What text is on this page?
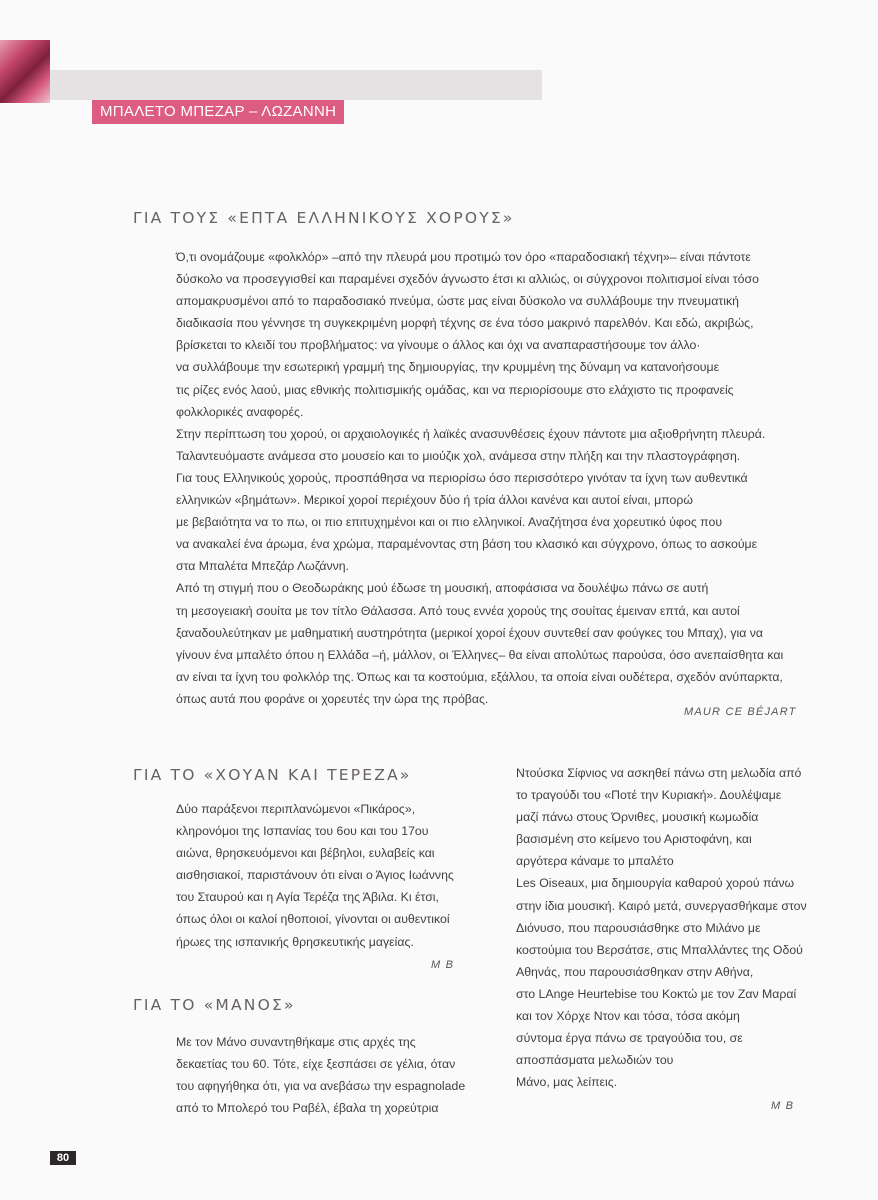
ΜΠΑΛΕΤΟ ΜΠΕΖΑΡ – ΛΩΖΑΝΝΗ
ΓΙΑ ΤΟΥΣ «ΕΠΤΑ ΕΛΛΗΝΙΚΟΥΣ ΧΟΡΟΥΣ»

Ό,τι ονομάζουμε «φολκλόρ» –από την πλευρά μου προτιμώ τον όρο «παραδοσιακή τέχνη»– είναι πάντοτε

δύσκολο να προσεγγισθεί και παραμένει σχεδόν άγνωστο έτσι κι αλλιώς, οι σύγχρονοι πολιτισμοί είναι τόσο

απομακρυσμένοι από το παραδοσιακό πνεύμα, ώστε μας είναι δύσκολο να συλλάβουμε την πνευματική

διαδικασία που γέννησε τη συγκεκριμένη μορφή τέχνης σε ένα τόσο μακρινό παρελθόν. Και εδώ, ακριβώς,

βρίσκεται το κλειδί του προβλήματος: να γίνουμε ο άλλος και όχι να αναπαραστήσουμε τον άλλο·

να συλλάβουμε την εσωτερική γραμμή της δημιουργίας, την κρυμμένη της δύναμη να κατανοήσουμε

τις ρίζες ενός λαού, μιας εθνικής πολιτισμικής ομάδας, και να περιορίσουμε στο ελάχιστο τις προφανείς

φολκλορικές αναφορές.

Στην περίπτωση του χορού, οι αρχαιολογικές ή λαϊκές ανασυνθέσεις έχουν πάντοτε μια αξιοθρήνητη πλευρά.

Ταλαντευόμαστε ανάμεσα στο μουσείο και το μιούζικ χολ, ανάμεσα στην πλήξη και την πλαστογράφηση.

Για τους Ελληνικούς χορούς, προσπάθησα να περιορίσω όσο περισσότερο γινόταν τα ίχνη των αυθεντικά

ελληνικών «βημάτων». Μερικοί χοροί περιέχουν δύο ή τρία άλλοι κανένα και αυτοί είναι, μπορώ

με βεβαιότητα να το πω, οι πιο επιτυχημένοι και οι πιο ελληνικοί. Αναζήτησα ένα χορευτικό ύφος που

να ανακαλεί ένα άρωμα, ένα χρώμα, παραμένοντας στη βάση του κλασικό και σύγχρονο, όπως το ασκούμε

στα Μπαλέτα Μπεζάρ Λωζάννη.

Από τη στιγμή που ο Θεοδωράκης μού έδωσε τη μουσική, αποφάσισα να δουλέψω πάνω σε αυτή

τη μεσογειακή σουίτα με τον τίτλο Θάλασσα. Από τους εννέα χορούς της σουίτας έμειναν επτά, και αυτοί

ξαναδουλεύτηκαν με μαθηματική αυστηρότητα (μερικοί χοροί έχουν συντεθεί σαν φούγκες του Μπαχ), για να

γίνουν ένα μπαλέτο όπου η Ελλάδα –ή, μάλλον, οι Έλληνες– θα είναι απολύτως παρούσα, όσο ανεπαίσθητα και

αν είναι τα ίχνη του φολκλόρ της. Όπως και τα κοστούμια, εξάλλου, τα οποία είναι ουδέτερα, σχεδόν ανύπαρκτα,

όπως αυτά που φοράνε οι χορευτές την ώρα της πρόβας.

MAUR CE BÉJART
ΓΙΑ ΤΟ «ΧΟΥΑΝ ΚΑΙ ΤΕΡΕΖΑ»

Δύο παράξενοι περιπλανώμενοι «Πικάρος»,

κληρονόμοι της Ισπανίας του 6ου και του 17ου

αιώνα, θρησκευόμενοι και βέβηλοι, ευλαβείς και

αισθησιακοί, παριστάνουν ότι είναι ο Άγιος Ιωάννης

του Σταυρού και η Αγία Τερέζα της Άβιλα. Κι έτσι,

όπως όλοι οι καλοί ηθοποιοί, γίνονται οι αυθεντικοί

ήρωες της ισπανικής θρησκευτικής μαγείας.

M B
ΓΙΑ ΤΟ «ΜΑΝΟΣ»

Με τον Μάνο συναντηθήκαμε στις αρχές της

δεκαετίας του 60. Τότε, είχε ξεσπάσει σε γέλια, όταν

του αφηγήθηκα ότι, για να ανεβάσω την espagnolade

από το Μπολερό του Ραβέλ, έβαλα τη χορεύτρια

Ντούσκα Σίφνιος να ασκηθεί πάνω στη μελωδία από

το τραγούδι του «Ποτέ την Κυριακή». Δουλέψαμε

μαζί πάνω στους Όρνιθες, μουσική κωμωδία

βασισμένη στο κείμενο του Αριστοφάνη, και

αργότερα κάναμε το μπαλέτο

Les Oiseaux, μια δημιουργία καθαρού χορού πάνω

στην ίδια μουσική. Καιρό μετά, συνεργασθήκαμε στον

Διόνυσο, που παρουσιάσθηκε στο Μιλάνο με

κοστούμια του Βερσάτσε, στις Μπαλλάντες της Οδού

Αθηνάς, που παρουσιάσθηκαν στην Αθήνα,

στο LAnge Heurtebise του Κοκτώ με τον Ζαν Μαραί

και τον Χόρχε Ντον και τόσα, τόσα ακόμη

σύντομα έργα πάνω σε τραγούδια του, σε

αποσπάσματα μελωδιών του

Μάνο, μας λείπεις.

M B
80
